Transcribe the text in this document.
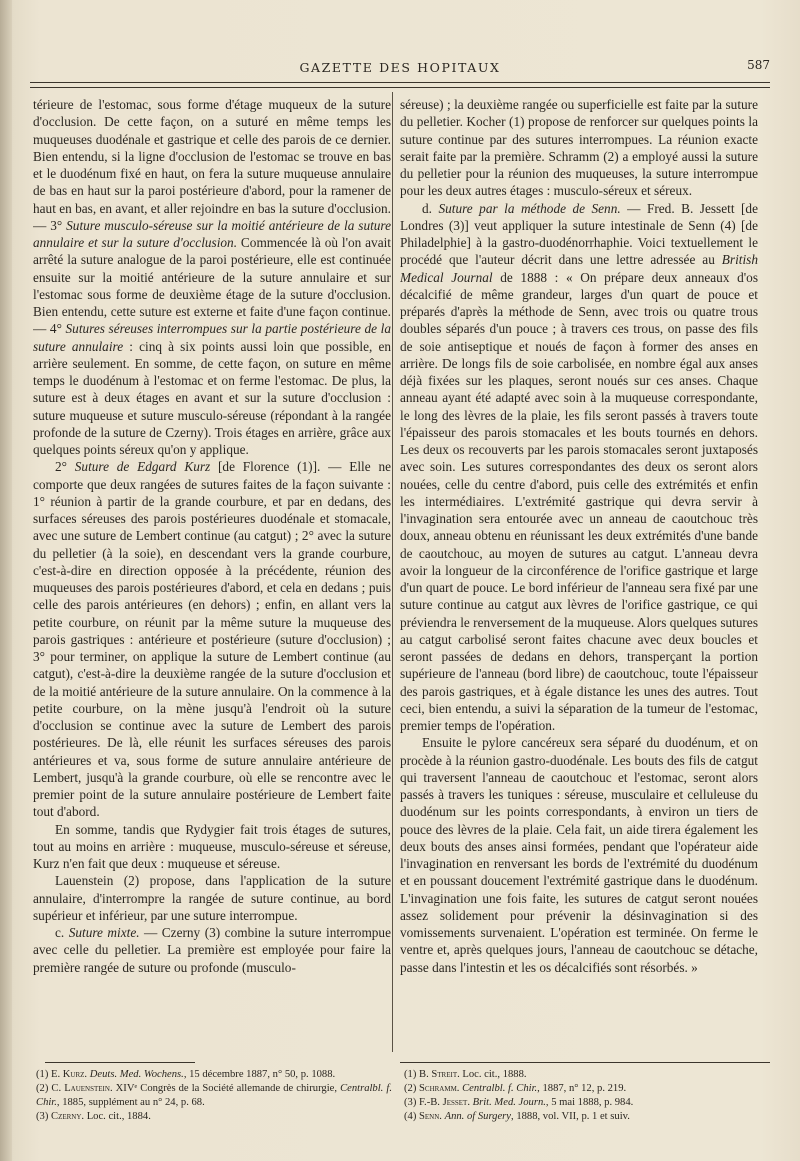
GAZETTE DES HOPITAUX	587

térieure de l'estomac, sous forme d'étage muqueux de la suture d'occlusion. De cette façon, on a suturé en même temps les muqueuses duodénale et gastrique et celle des parois de ce dernier. Bien entendu, si la ligne d'occlusion de l'estomac se trouve en bas et le duodénum fixé en haut, on fera la suture muqueuse annulaire de bas en haut sur la paroi postérieure d'abord, pour la ramener de haut en bas, en avant, et aller rejoindre en bas la suture d'occlusion. — 3° Suture musculo-séreuse sur la moitié antérieure de la suture annulaire et sur la suture d'occlusion. Commencée là où l'on avait arrêté la suture analogue de la paroi postérieure, elle est continuée ensuite sur la moitié antérieure de la suture annulaire et sur l'estomac sous forme de deuxième étage de la suture d'occlusion. Bien entendu, cette suture est externe et faite d'une façon continue.— 4° Sutures séreuses interrompues sur la partie postérieure de la suture annulaire : cinq à six points aussi loin que possible, en arrière seulement. En somme, de cette façon, on suture en même temps le duodénum à l'estomac et on ferme l'estomac. De plus, la suture est à deux étages en avant et sur la suture d'occlusion : suture muqueuse et suture musculo-séreuse (répondant à la rangée profonde de la suture de Czerny). Trois étages en arrière, grâce aux quelques points séreux qu'on y applique.

2° Suture de Edgard Kurz [de Florence (1)]. — Elle ne comporte que deux rangées de sutures faites de la façon suivante : 1° réunion à partir de la grande courbure, et par en dedans, des surfaces séreuses des parois postérieures duodénale et stomacale, avec une suture de Lembert continue (au catgut) ; 2° avec la suture du pelletier (à la soie), en descendant vers la grande courbure, c'est-à-dire en direction opposée à la précédente, réunion des muqueuses des parois postérieures d'abord, et cela en dedans ; puis celle des parois antérieures (en dehors) ; enfin, en allant vers la petite courbure, on réunit par la même suture la muqueuse des parois gastriques : antérieure et postérieure (suture d'occlusion) ; 3° pour terminer, on applique la suture de Lembert continue (au catgut), c'est-à-dire la deuxième rangée de la suture d'occlusion et de la moitié antérieure de la suture annulaire. On la commence à la petite courbure, on la mène jusqu'à l'endroit où la suture d'occlusion se continue avec la suture de Lembert des parois postérieures. De là, elle réunit les surfaces séreuses des parois antérieures et va, sous forme de suture annulaire antérieure de Lembert, jusqu'à la grande courbure, où elle se rencontre avec le premier point de la suture annulaire postérieure de Lembert faite tout d'abord.

En somme, tandis que Rydygier fait trois étages de sutures, tout au moins en arrière : muqueuse, musculo-séreuse et séreuse, Kurz n'en fait que deux : muqueuse et séreuse.

Lauenstein (2) propose, dans l'application de la suture annulaire, d'interrompre la rangée de suture continue, au bord supérieur et inférieur, par une suture interrompue.

c. Suture mixte. — Czerny (3) combine la suture interrompue avec celle du pelletier. La première est employée pour faire la première rangée de suture ou profonde (musculo-

séreuse) ; la deuxième rangée ou superficielle est faite par la suture du pelletier. Kocher (1) propose de renforcer sur quelques points la suture continue par des sutures interrompues. La réunion exacte serait faite par la première. Schramm (2) a employé aussi la suture du pelletier pour la réunion des muqueuses, la suture interrompue pour les deux autres étages : musculo-séreux et séreux.

d. Suture par la méthode de Senn. — Fred. B. Jessett [de Londres (3)] veut appliquer la suture intestinale de Senn (4) [de Philadelphie] à la gastro-duodénorrhaphie. Voici textuellement le procédé que l'auteur décrit dans une lettre adressée au British Medical Journal de 1888 : « On prépare deux anneaux d'os décalcifié de même grandeur, larges d'un quart de pouce et préparés d'après la méthode de Senn, avec trois ou quatre trous doubles séparés d'un pouce ; à travers ces trous, on passe des fils de soie antiseptique et noués de façon à former des anses en arrière. De longs fils de soie carbolisée, en nombre égal aux anses déjà fixées sur les plaques, seront noués sur ces anses. Chaque anneau ayant été adapté avec soin à la muqueuse correspondante, le long des lèvres de la plaie, les fils seront passés à travers toute l'épaisseur des parois stomacales et les bouts tournés en dehors. Les deux os recouverts par les parois stomacales seront juxtaposés avec soin. Les sutures correspondantes des deux os seront alors nouées, celle du centre d'abord, puis celle des extrémités et enfin les intermédiaires. L'extrémité gastrique qui devra servir à l'invagination sera entourée avec un anneau de caoutchouc très doux, anneau obtenu en réunissant les deux extrémités d'une bande de caoutchouc, au moyen de sutures au catgut. L'anneau devra avoir la longueur de la circonférence de l'orifice gastrique et large d'un quart de pouce. Le bord inférieur de l'anneau sera fixé par une suture continue au catgut aux lèvres de l'orifice gastrique, ce qui préviendra le renversement de la muqueuse. Alors quelques sutures au catgut carbolisé seront faites chacune avec deux boucles et seront passées de dedans en dehors, transperçant la portion supérieure de l'anneau (bord libre) de caoutchouc, toute l'épaisseur des parois gastriques, et à égale distance les unes des autres. Tout ceci, bien entendu, a suivi la séparation de la tumeur de l'estomac, premier temps de l'opération.

Ensuite le pylore cancéreux sera séparé du duodénum, et on procède à la réunion gastro-duodénale. Les bouts des fils de catgut qui traversent l'anneau de caoutchouc et l'estomac, seront alors passés à travers les tuniques : séreuse, musculaire et celluleuse du duodénum sur les points correspondants, à environ un tiers de pouce des lèvres de la plaie. Cela fait, un aide tirera également les deux bouts des anses ainsi formées, pendant que l'opérateur aide l'invagination en renversant les bords de l'extrémité du duodénum et en poussant doucement l'extrémité gastrique dans le duodénum. L'invagination une fois faite, les sutures de catgut seront nouées assez solidement pour prévenir la désinvagination si des vomissements survenaient. L'opération est terminée. On ferme le ventre et, après quelques jours, l'anneau de caoutchouc se détache, passe dans l'intestin et les os décalcifiés sont résorbés. »

(1) E. Kurz. Deuts. Med. Wochens., 15 décembre 1887, n° 50, p. 1088.
(2) C. Lauenstein. XIVᵉ Congrès de la Société allemande de chirurgie, Centralbl. f. Chir., 1885, supplément au n° 24, p. 68.
(3) Czerny. Loc. cit., 1884.
(1) B. Streit. Loc. cit., 1888.
(2) Schramm. Centralbl. f. Chir., 1887, n° 12, p. 219.
(3) F.-B. Jesset. Brit. Med. Journ., 5 mai 1888, p. 984.
(4) Senn. Ann. of Surgery, 1888, vol. VII, p. 1 et suiv.
